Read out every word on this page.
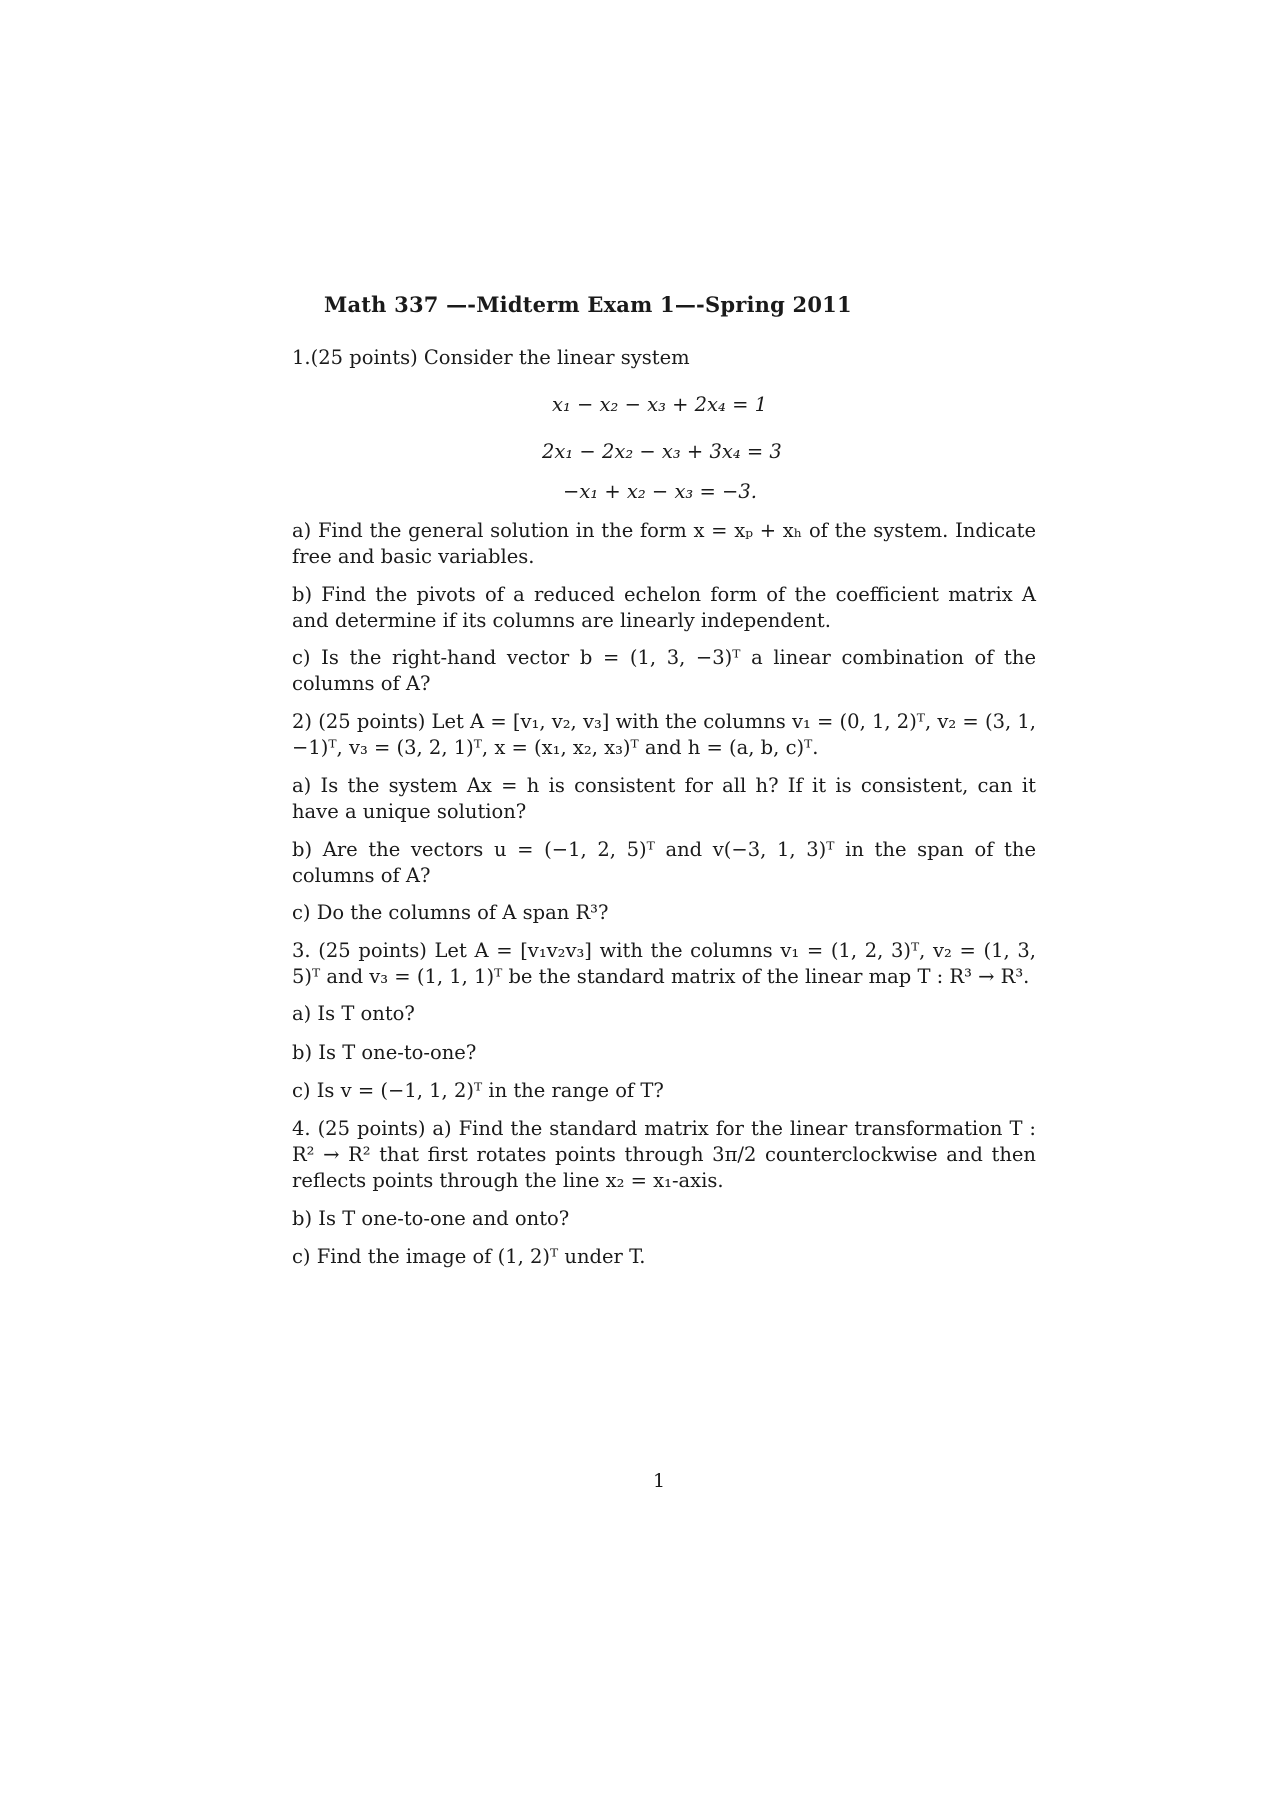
Math 337 —-Midterm Exam 1—-Spring 2011
1.(25 points) Consider the linear system
x₁ − x₂ − x₃ + 2x₄ = 1
2x₁ − 2x₂ − x₃ + 3x₄ = 3
−x₁ + x₂ − x₃ = −3.
a) Find the general solution in the form x = xₚ + xₕ of the system. Indicate free and basic variables.
b) Find the pivots of a reduced echelon form of the coefficient matrix A and determine if its columns are linearly independent.
c) Is the right-hand vector b = (1, 3, −3)ᵀ a linear combination of the columns of A?
2) (25 points) Let A = [v₁, v₂, v₃] with the columns v₁ = (0, 1, 2)ᵀ, v₂ = (3, 1, −1)ᵀ, v₃ = (3, 2, 1)ᵀ, x = (x₁, x₂, x₃)ᵀ and h = (a, b, c)ᵀ.
a) Is the system Ax = h is consistent for all h? If it is consistent, can it have a unique solution?
b) Are the vectors u = (−1, 2, 5)ᵀ and v(−3, 1, 3)ᵀ in the span of the columns of A?
c) Do the columns of A span R³?
3. (25 points) Let A = [v₁v₂v₃] with the columns v₁ = (1, 2, 3)ᵀ, v₂ = (1, 3, 5)ᵀ and v₃ = (1, 1, 1)ᵀ be the standard matrix of the linear map T : R³ → R³.
a) Is T onto?
b) Is T one-to-one?
c) Is v = (−1, 1, 2)ᵀ in the range of T?
4. (25 points) a) Find the standard matrix for the linear transformation T : R² → R² that first rotates points through 3π/2 counterclockwise and then reflects points through the line x₂ = x₁-axis.
b) Is T one-to-one and onto?
c) Find the image of (1, 2)ᵀ under T.
1
